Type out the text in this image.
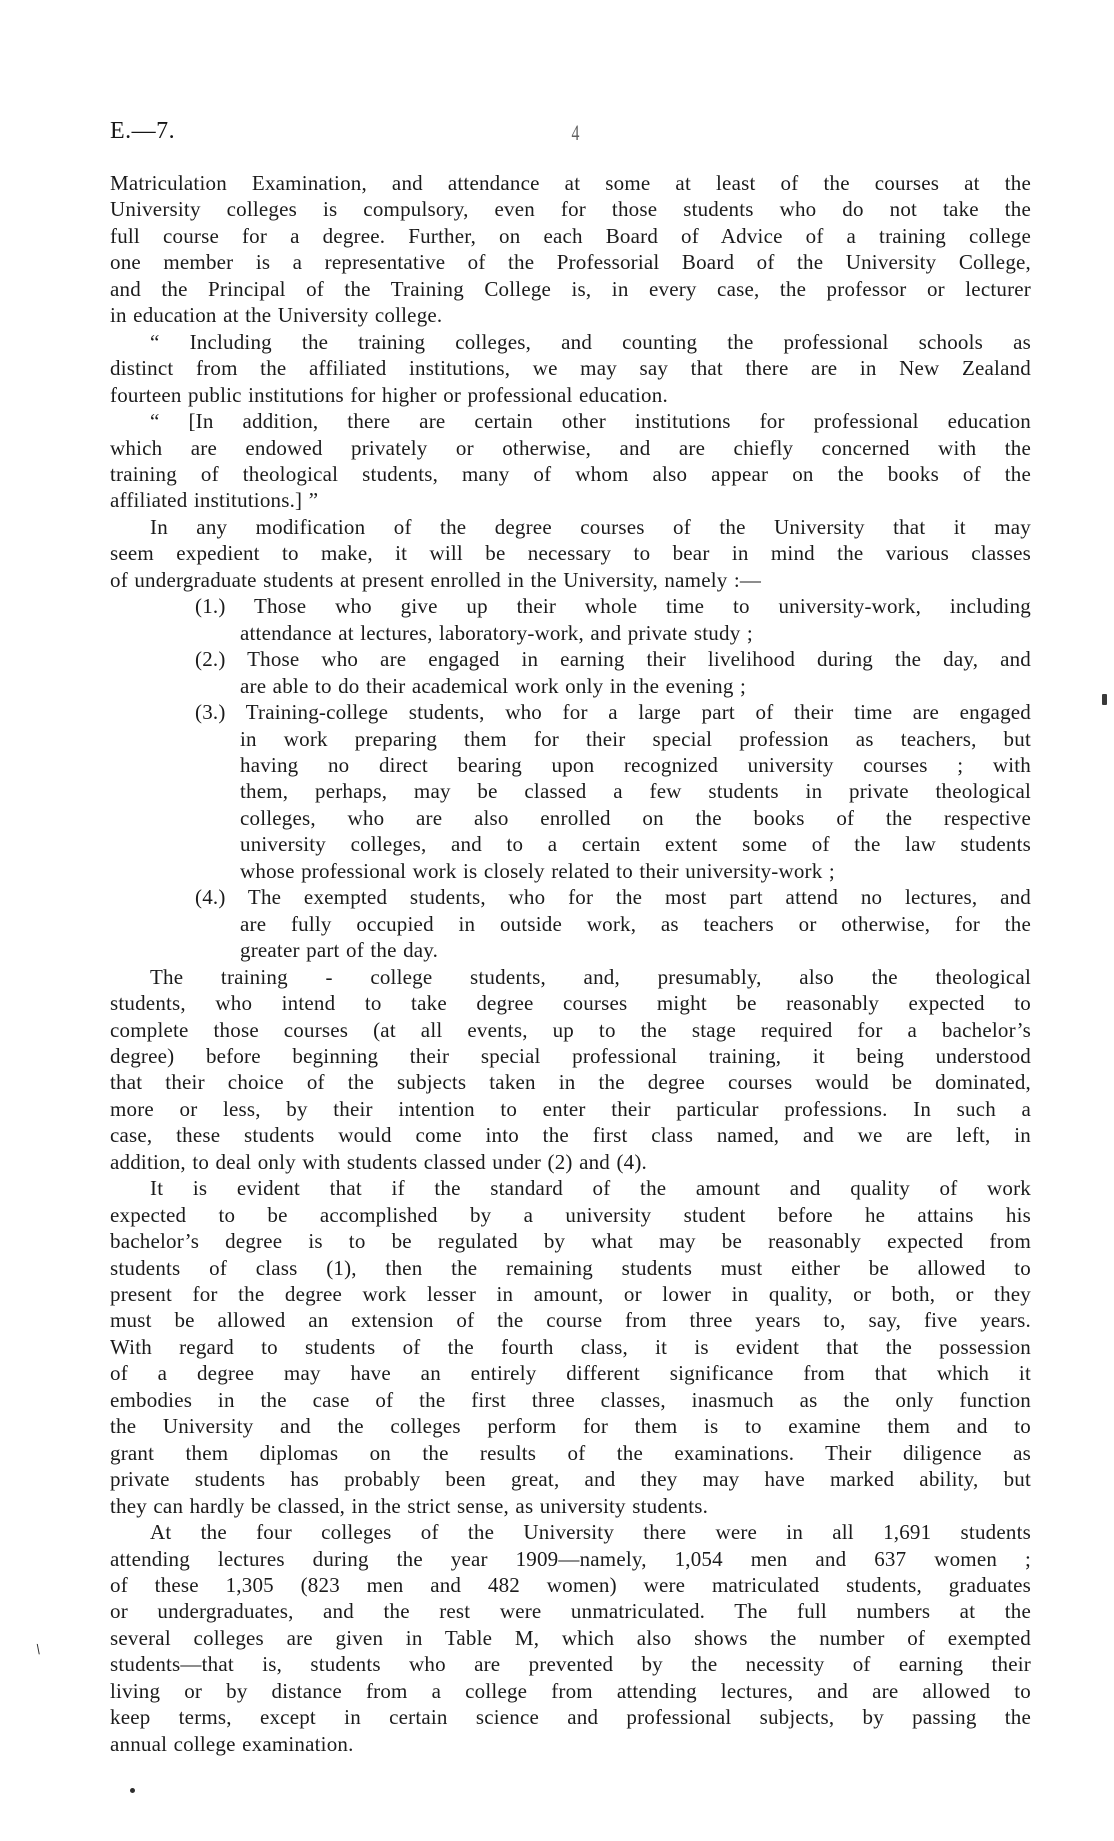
E.—7.	4
Matriculation Examination, and attendance at some at least of the courses at the
University colleges is compulsory, even for those students who do not take the
full course for a degree. Further, on each Board of Advice of a training college
one member is a representative of the Professorial Board of the University College,
and the Principal of the Training College is, in every case, the professor or lecturer
in education at the University college.
“ Including the training colleges, and counting the professional schools as
distinct from the affiliated institutions, we may say that there are in New Zealand
fourteen public institutions for higher or professional education.
“ [In addition, there are certain other institutions for professional education
which are endowed privately or otherwise, and are chiefly concerned with the
training of theological students, many of whom also appear on the books of the
affiliated institutions.] ”
In any modification of the degree courses of the University that it may
seem expedient to make, it will be necessary to bear in mind the various classes
of undergraduate students at present enrolled in the University, namely :—
(1.) Those who give up their whole time to university-work, including
attendance at lectures, laboratory-work, and private study ;
(2.) Those who are engaged in earning their livelihood during the day, and
are able to do their academical work only in the evening ;
(3.) Training-college students, who for a large part of their time are engaged
in work preparing them for their special profession as teachers, but
having no direct bearing upon recognized university courses ; with
them, perhaps, may be classed a few students in private theological
colleges, who are also enrolled on the books of the respective
university colleges, and to a certain extent some of the law students
whose professional work is closely related to their university-work ;
(4.) The exempted students, who for the most part attend no lectures, and
are fully occupied in outside work, as teachers or otherwise, for the
greater part of the day.
The training - college students, and, presumably, also the theological
students, who intend to take degree courses might be reasonably expected to
complete those courses (at all events, up to the stage required for a bachelor’s
degree) before beginning their special professional training, it being understood
that their choice of the subjects taken in the degree courses would be dominated,
more or less, by their intention to enter their particular professions. In such a
case, these students would come into the first class named, and we are left, in
addition, to deal only with students classed under (2) and (4).
It is evident that if the standard of the amount and quality of work
expected to be accomplished by a university student before he attains his
bachelor’s degree is to be regulated by what may be reasonably expected from
students of class (1), then the remaining students must either be allowed to
present for the degree work lesser in amount, or lower in quality, or both, or they
must be allowed an extension of the course from three years to, say, five years.
With regard to students of the fourth class, it is evident that the possession
of a degree may have an entirely different significance from that which it
embodies in the case of the first three classes, inasmuch as the only function
the University and the colleges perform for them is to examine them and to
grant them diplomas on the results of the examinations. Their diligence as
private students has probably been great, and they may have marked ability, but
they can hardly be classed, in the strict sense, as university students.
At the four colleges of the University there were in all 1,691 students
attending lectures during the year 1909—namely, 1,054 men and 637 women ;
of these 1,305 (823 men and 482 women) were matriculated students, graduates
or undergraduates, and the rest were unmatriculated. The full numbers at the
several colleges are given in Table M, which also shows the number of exempted
students—that is, students who are prevented by the necessity of earning their
living or by distance from a college from attending lectures, and are allowed to
keep terms, except in certain science and professional subjects, by passing the
annual college examination.
\
